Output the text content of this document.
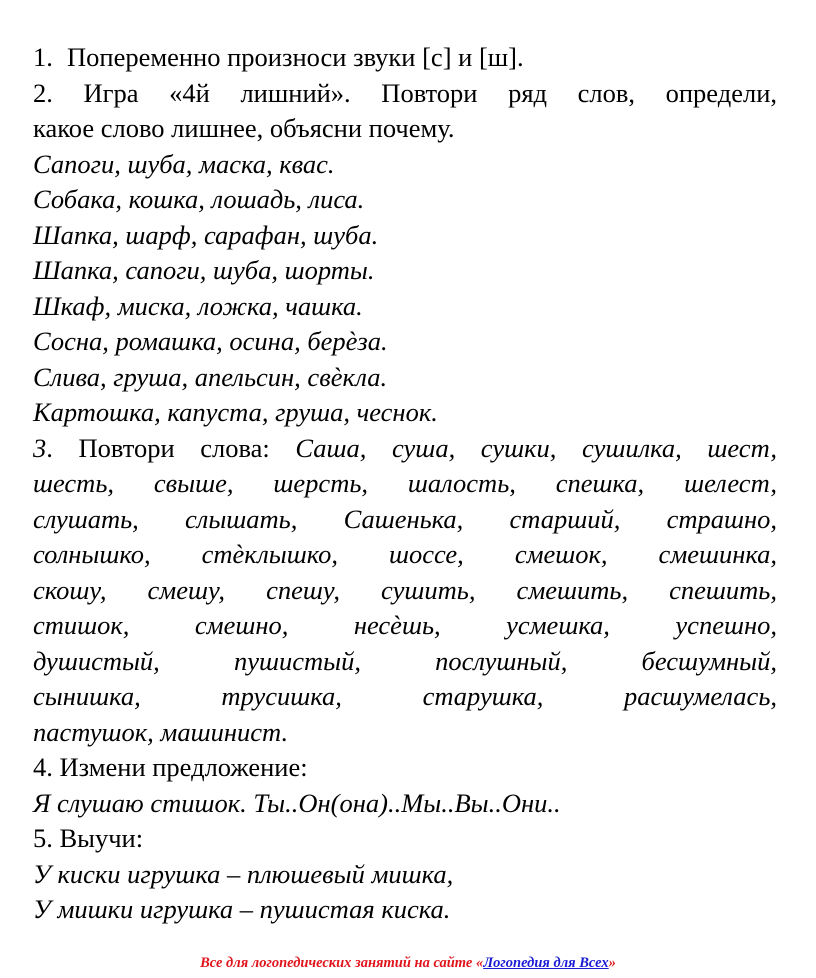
1. Попеременно произноси звуки [с] и [ш].
2. Игра «4й лишний». Повтори ряд слов, определи,
какое слово лишнее, объясни почему.
Сапоги, шуба, маска, квас.
Собака, кошка, лошадь, лиса.
Шапка, шарф, сарафан, шуба.
Шапка, сапоги, шуба, шорты.
Шкаф, миска, ложка, чашка.
Сосна, ромашка, осина, берѐза.
Слива, груша, апельсин, свѐкла.
Картошка, капуста, груша, чеснок.
3. Повтори слова: Саша, суша, сушки, сушилка, шест,
шесть, свыше, шерсть, шалость, спешка, шелест,
слушать, слышать, Сашенька, старший, страшно,
солнышко, стѐклышко, шоссе, смешок, смешинка,
скошу, смешу, спешу, сушить, смешить, спешить,
стишок, смешно, несѐшь, усмешка, успешно,
душистый, пушистый, послушный, бесшумный,
сынишка, трусишка, старушка, расшумелась,
пастушок, машинист.
4. Измени предложение:
Я слушаю стишок. Ты..Он(она)..Мы..Вы..Они..
5. Выучи:
У киски игрушка – плюшевый мишка,
У мишки игрушка – пушистая киска.
Все для логопедических занятий на сайте «Логопедия для Всех»
